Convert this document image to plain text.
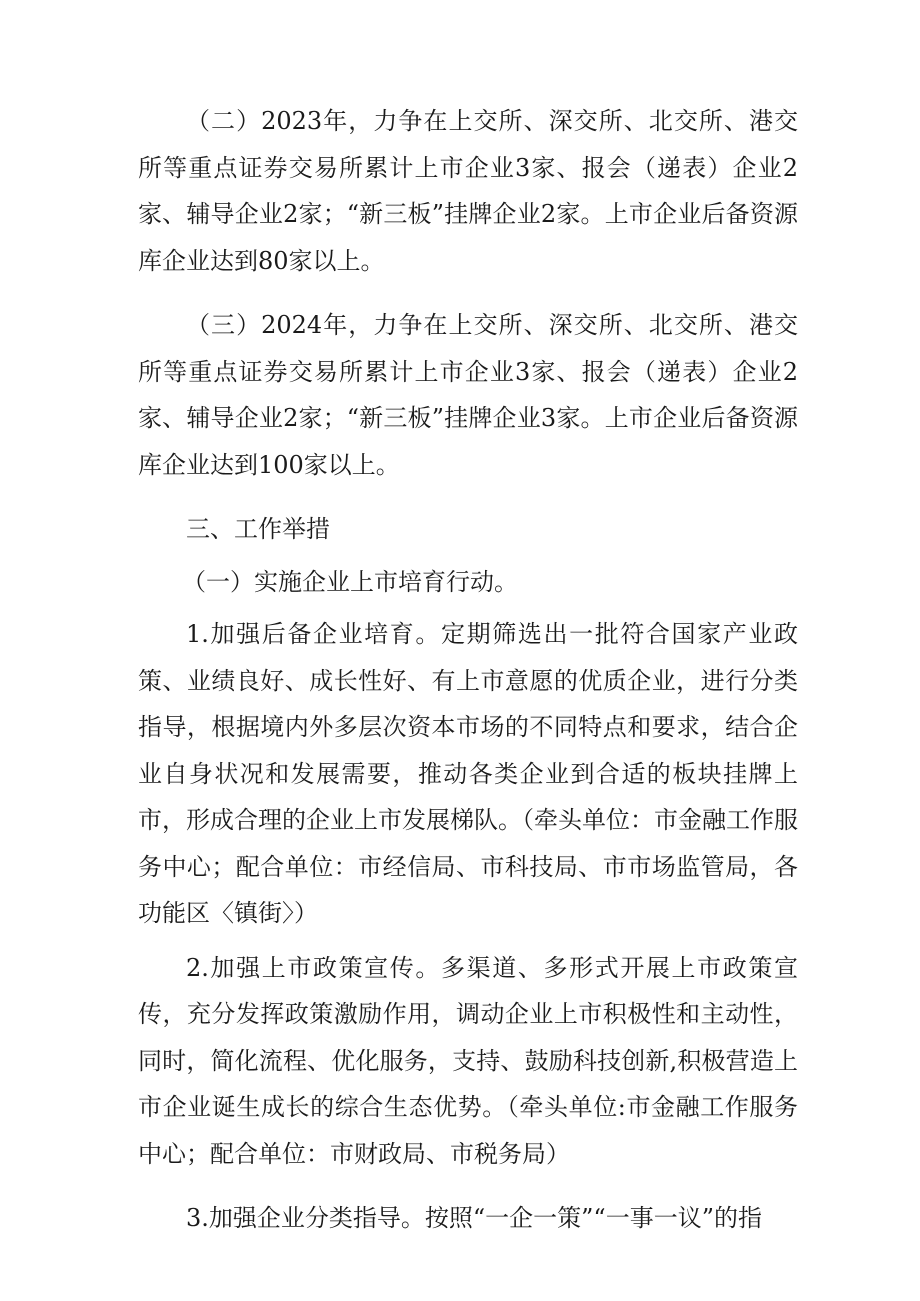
（二）2023年，力争在上交所、深交所、北交所、港交所等重点证券交易所累计上市企业3家、报会（递表）企业2家、辅导企业2家；“新三板”挂牌企业2家。上市企业后备资源库企业达到80家以上。

（三）2024年，力争在上交所、深交所、北交所、港交所等重点证券交易所累计上市企业3家、报会（递表）企业2家、辅导企业2家；“新三板”挂牌企业3家。上市企业后备资源库企业达到100家以上。

三、工作举措

（一）实施企业上市培育行动。

1.加强后备企业培育。定期筛选出一批符合国家产业政策、业绩良好、成长性好、有上市意愿的优质企业，进行分类指导，根据境内外多层次资本市场的不同特点和要求，结合企业自身状况和发展需要，推动各类企业到合适的板块挂牌上市，形成合理的企业上市发展梯队。（牵头单位：市金融工作服务中心；配合单位：市经信局、市科技局、市市场监管局，各功能区〈镇街〉）

2.加强上市政策宣传。多渠道、多形式开展上市政策宣传，充分发挥政策激励作用，调动企业上市积极性和主动性，同时，简化流程、优化服务，支持、鼓励科技创新,积极营造上市企业诞生成长的综合生态优势。（牵头单位:市金融工作服务中心；配合单位：市财政局、市税务局）

3.加强企业分类指导。按照“一企一策”“一事一议”的指
